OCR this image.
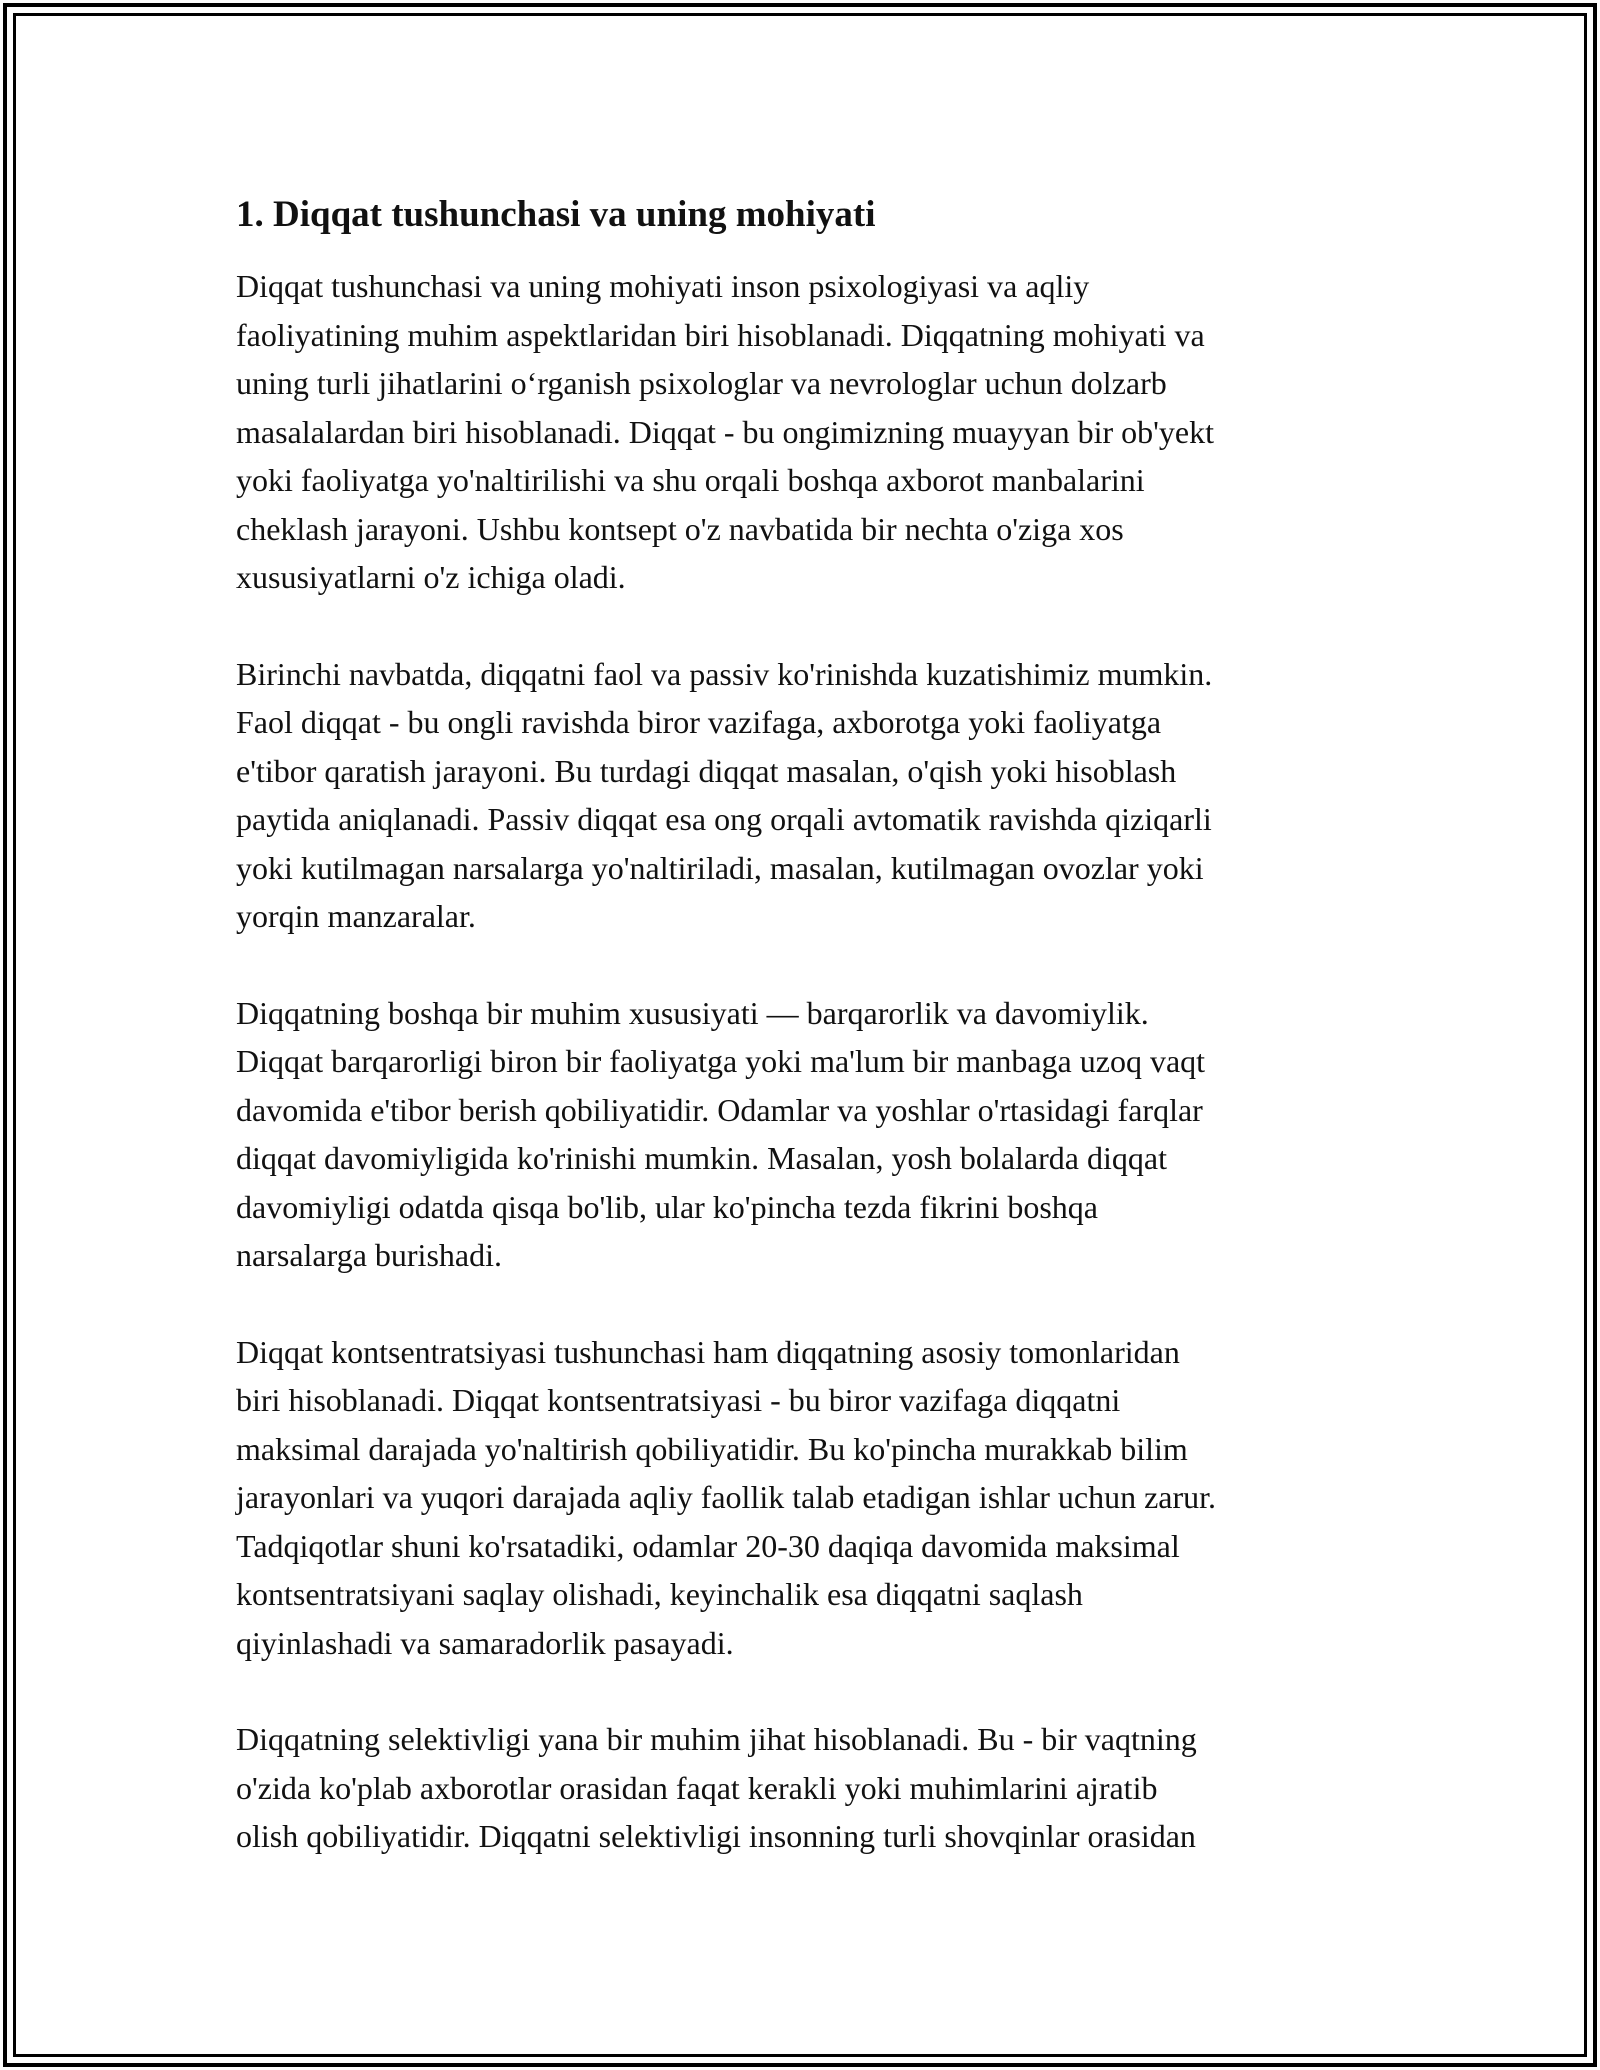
1. Diqqat tushunchasi va uning mohiyati

Diqqat tushunchasi va uning mohiyati inson psixologiyasi va aqliy
faoliyatining muhim aspektlaridan biri hisoblanadi. Diqqatning mohiyati va
uning turli jihatlarini o‘rganish psixologlar va nevrologlar uchun dolzarb
masalalardan biri hisoblanadi. Diqqat - bu ongimizning muayyan bir ob'yekt
yoki faoliyatga yo'naltirilishi va shu orqali boshqa axborot manbalarini
cheklash jarayoni. Ushbu kontsept o'z navbatida bir nechta o'ziga xos
xususiyatlarni o'z ichiga oladi.

Birinchi navbatda, diqqatni faol va passiv ko'rinishda kuzatishimiz mumkin.
Faol diqqat - bu ongli ravishda biror vazifaga, axborotga yoki faoliyatga
e'tibor qaratish jarayoni. Bu turdagi diqqat masalan, o'qish yoki hisoblash
paytida aniqlanadi. Passiv diqqat esa ong orqali avtomatik ravishda qiziqarli
yoki kutilmagan narsalarga yo'naltiriladi, masalan, kutilmagan ovozlar yoki
yorqin manzaralar.

Diqqatning boshqa bir muhim xususiyati — barqarorlik va davomiylik.
Diqqat barqarorligi biron bir faoliyatga yoki ma'lum bir manbaga uzoq vaqt
davomida e'tibor berish qobiliyatidir. Odamlar va yoshlar o'rtasidagi farqlar
diqqat davomiyligida ko'rinishi mumkin. Masalan, yosh bolalarda diqqat
davomiyligi odatda qisqa bo'lib, ular ko'pincha tezda fikrini boshqa
narsalarga burishadi.

Diqqat kontsentratsiyasi tushunchasi ham diqqatning asosiy tomonlaridan
biri hisoblanadi. Diqqat kontsentratsiyasi - bu biror vazifaga diqqatni
maksimal darajada yo'naltirish qobiliyatidir. Bu ko'pincha murakkab bilim
jarayonlari va yuqori darajada aqliy faollik talab etadigan ishlar uchun zarur.
Tadqiqotlar shuni ko'rsatadiki, odamlar 20-30 daqiqa davomida maksimal
kontsentratsiyani saqlay olishadi, keyinchalik esa diqqatni saqlash
qiyinlashadi va samaradorlik pasayadi.

Diqqatning selektivligi yana bir muhim jihat hisoblanadi. Bu - bir vaqtning
o'zida ko'plab axborotlar orasidan faqat kerakli yoki muhimlarini ajratib
olish qobiliyatidir. Diqqatni selektivligi insonning turli shovqinlar orasidan
